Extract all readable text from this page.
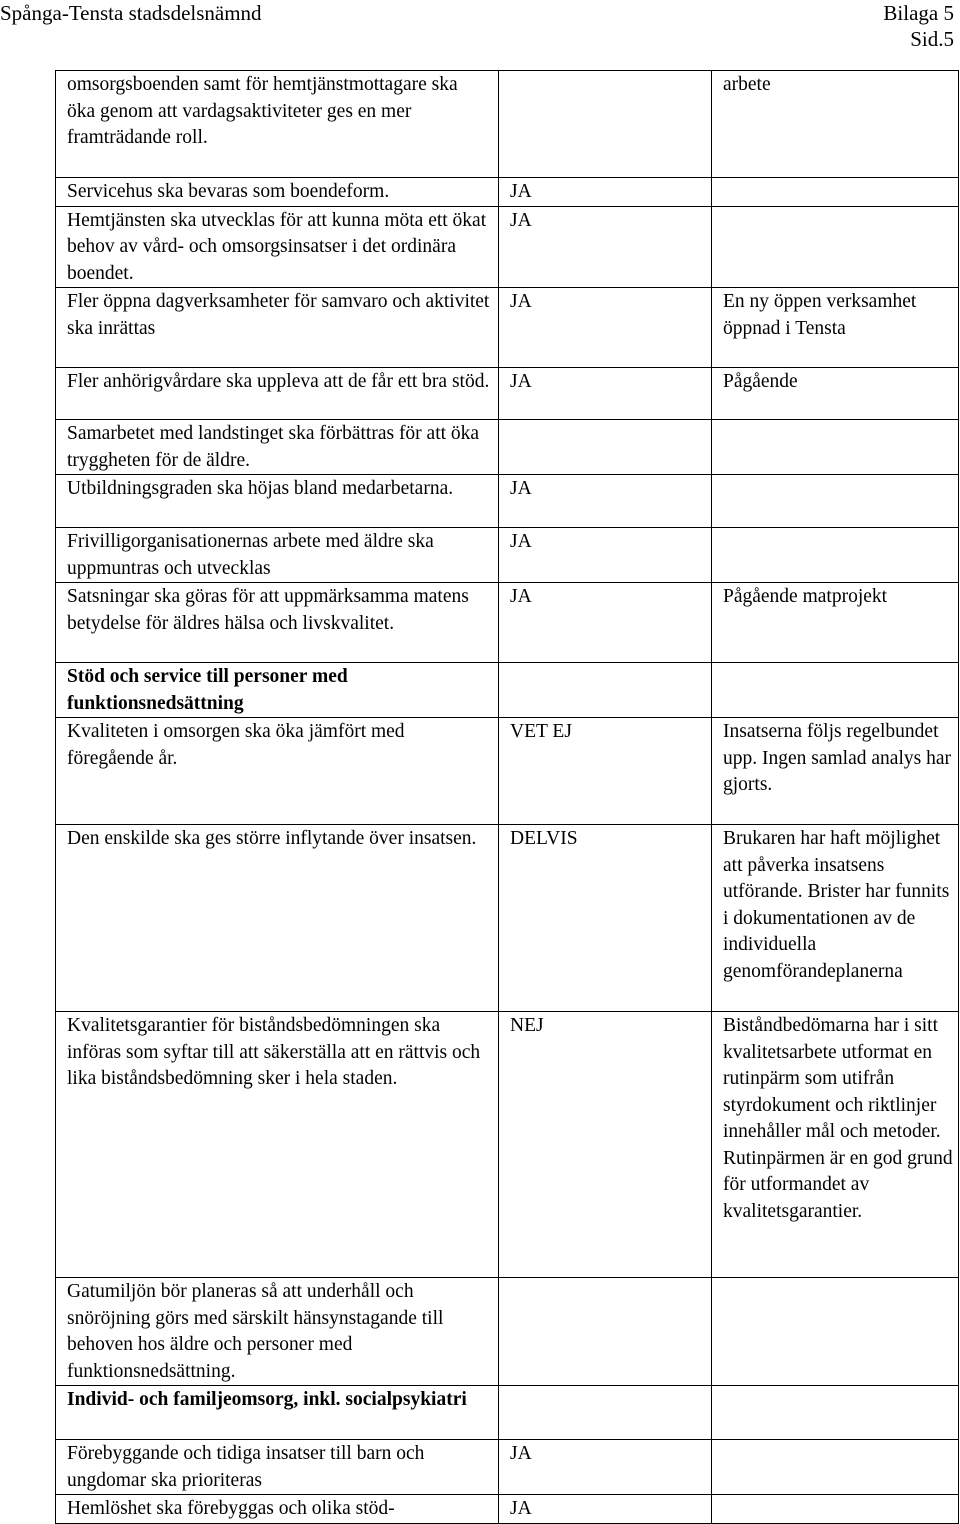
Spånga-Tensta stadsdelsnämnd	Bilaga 5
Sid.5
omsorgsboenden samt för hemtjänstmottagare ska öka genom att vardagsaktiviteter ges en mer framträdande roll.		arbete
Servicehus ska bevaras som boendeform.	JA	
Hemtjänsten ska utvecklas för att kunna möta ett ökat behov av vård- och omsorgsinsatser i det ordinära boendet.	JA	
Fler öppna dagverksamheter för samvaro och aktivitet ska inrättas	JA	En ny öppen verksamhet öppnad i Tensta
Fler anhörigvårdare ska uppleva att de får ett bra stöd.	JA	Pågående
Samarbetet med landstinget ska förbättras för att öka tryggheten för de äldre.		
Utbildningsgraden ska höjas bland medarbetarna.	JA	
Frivilligorganisationernas arbete med äldre ska uppmuntras och utvecklas	JA	
Satsningar ska göras för att uppmärksamma matens betydelse för äldres hälsa och livskvalitet.	JA	Pågående matprojekt
Stöd och service till personer med funktionsnedsättning		
Kvaliteten i omsorgen ska öka jämfört med föregående år.	VET EJ	Insatserna följs regelbundet upp. Ingen samlad analys har gjorts.
Den enskilde ska ges större inflytande över insatsen.	DELVIS	Brukaren har haft möjlighet att påverka insatsens utförande. Brister har funnits i dokumentationen av de individuella genomförandeplanerna
Kvalitetsgarantier för biståndsbedömningen ska införas som syftar till att säkerställa att en rättvis och lika biståndsbedömning sker i hela staden.	NEJ	Biståndbedömarna har i sitt kvalitetsarbete utformat en rutinpärm som utifrån styrdokument och riktlinjer innehåller mål och metoder. Rutinpärmen är en god grund för utformandet av kvalitetsgarantier.
Gatumiljön bör planeras så att underhåll och snöröjning görs med särskilt hänsynstagande till behoven hos äldre och personer med funktionsnedsättning.		
Individ- och familjeomsorg, inkl. socialpsykiatri		
Förebyggande och tidiga insatser till barn och ungdomar ska prioriteras	JA	
Hemlöshet ska förebyggas och olika stöd-	JA	
